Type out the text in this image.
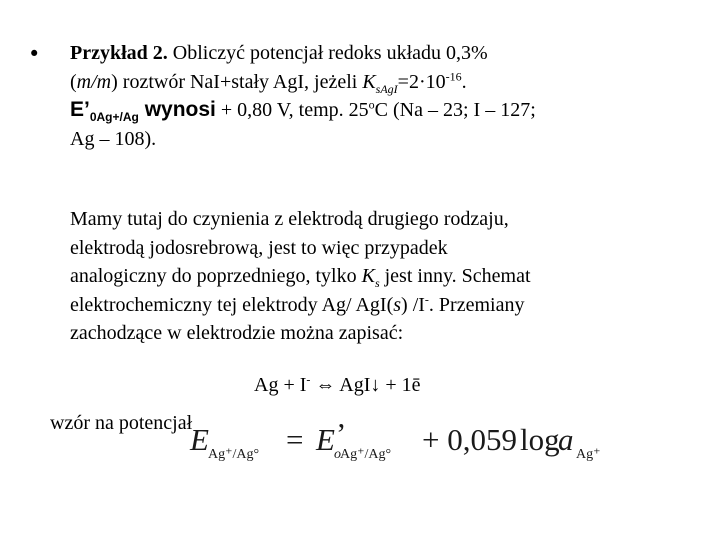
• Przykład 2. Obliczyć potencjał redoks układu 0,3%
(m/m) roztwór NaI+stały AgI, jeżeli $K_{sAgI}=2\cdot 10^{-16}$.
$E’_{0Ag+/Ag}$ wynosi + 0,80 V, temp. 25$^o$C (Na – 23; I – 127;
Ag – 108).
Mamy tutaj do czynienia z elektrodą drugiego rodzaju,
elektrodą jodosrebrową, jest to więc przypadek
analogiczny do poprzedniego, tylko $K_s$ jest inny. Schemat
elektrochemiczny tej elektrody Ag/ AgI(s) /I-. Przemiany
zachodzące w elektrodzie można zapisać:
Ag + I- ⇔ AgI↓ + 1ē
wzór na potencjał
E Ag⁺/Ag° = E ’
o Ag⁺/Ag° + 0,059 log
a Ag⁺
